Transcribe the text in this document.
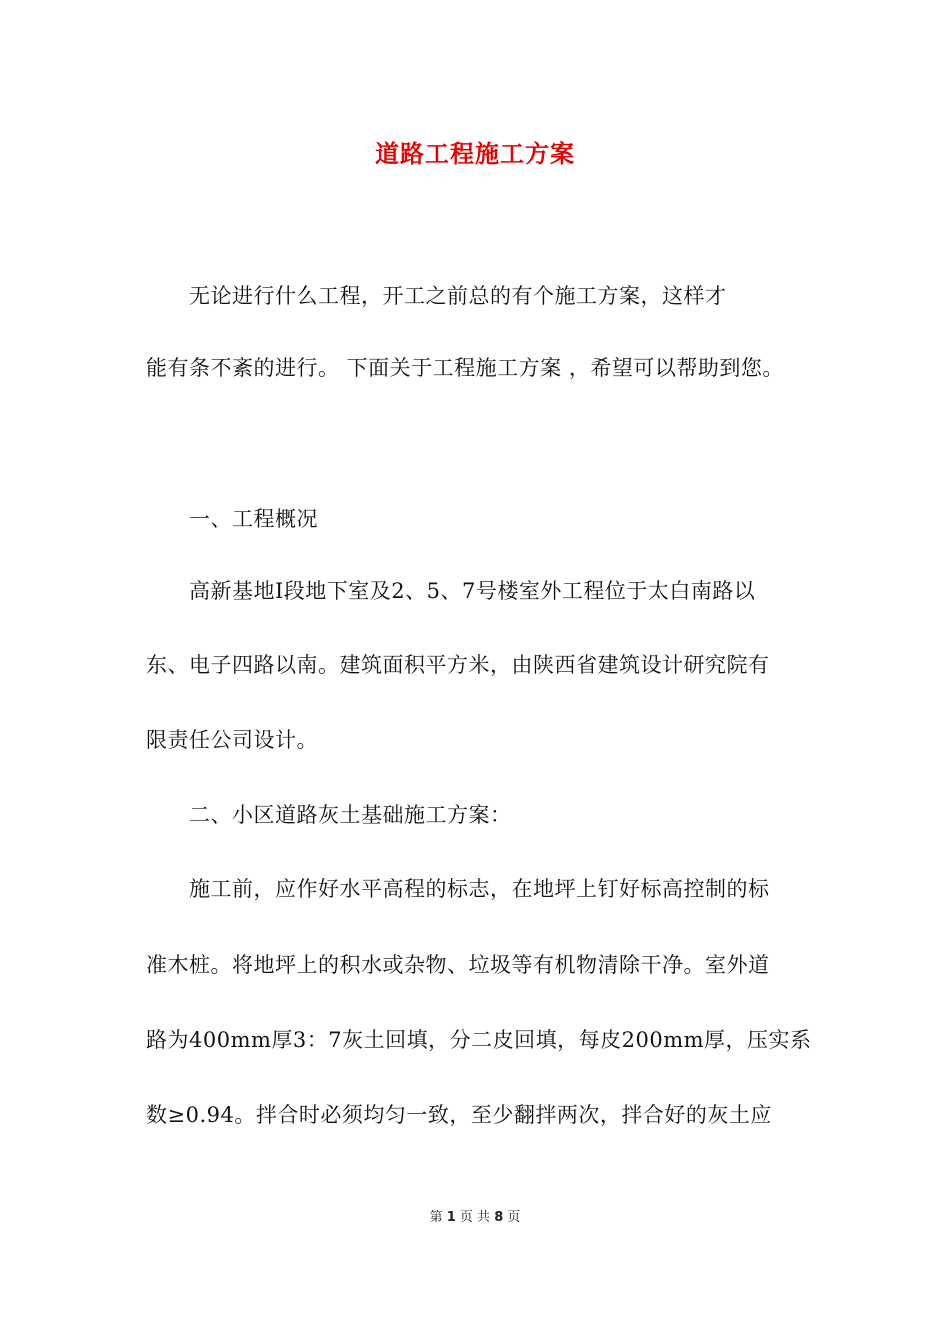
道路工程施工方案
　　无论进行什么工程，开工之前总的有个施工方案，这样才
能有条不紊的进行。 下面关于工程施工方案 ，希望可以帮助到您。
　　一、工程概况
　　高新基地Ⅰ段地下室及2、5、7号楼室外工程位于太白南路以
东、电子四路以南。建筑面积平方米，由陕西省建筑设计研究院有
限责任公司设计。
　　二、小区道路灰土基础施工方案：
　　施工前，应作好水平高程的标志，在地坪上钉好标高控制的标
准木桩。将地坪上的积水或杂物、垃圾等有机物清除干净。室外道
路为400mm厚3：7灰土回填，分二皮回填，每皮200mm厚，压实系
数≥0.94。拌合时必须均匀一致，至少翻拌两次，拌合好的灰土应
第 1 页 共 8 页
